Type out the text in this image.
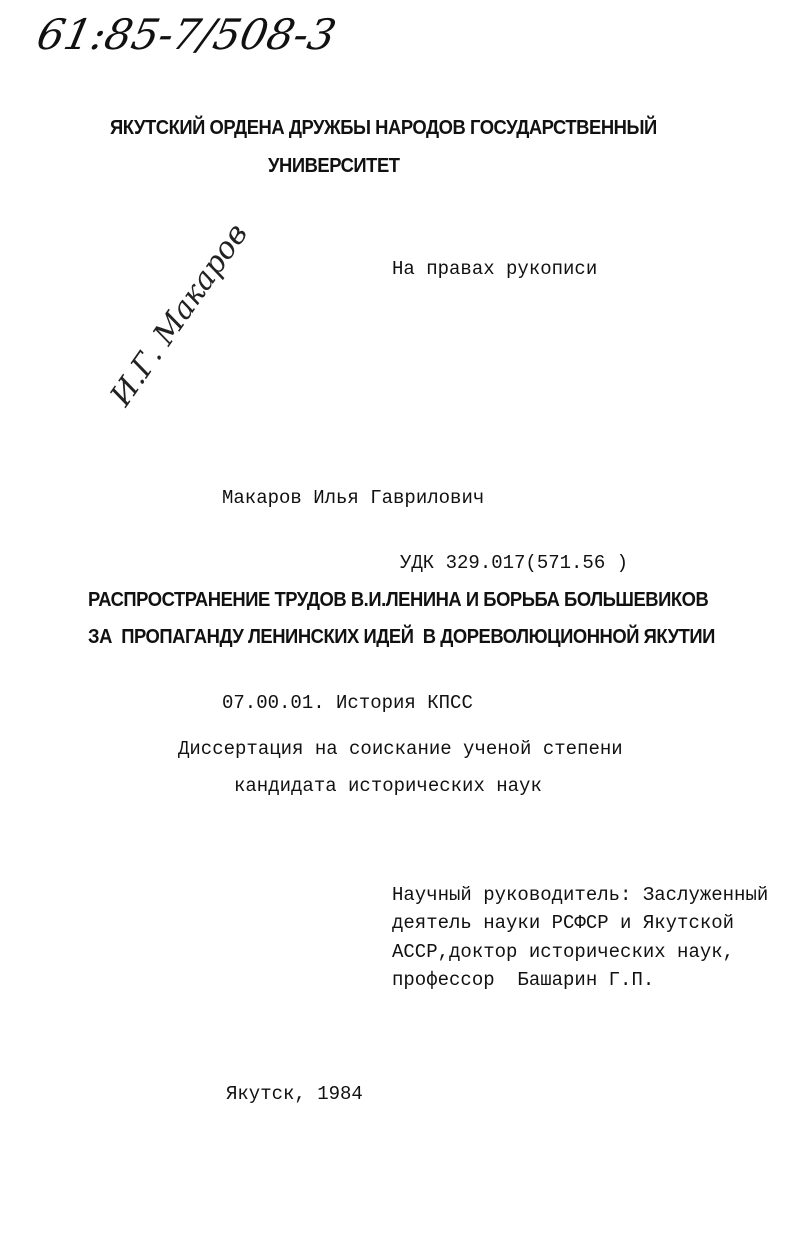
61:85-7/508-3
ЯКУТСКИЙ ОРДЕНА ДРУЖБЫ НАРОДОВ ГОСУДАРСТВЕННЫЙ
УНИВЕРСИТЕТ
На правах рукописи
И.Г. Макаров
Макаров Илья Гаврилович
УДК 329.017(571.56 )
РАСПРОСТРАНЕНИЕ ТРУДОВ В.И.ЛЕНИНА И БОРЬБА БОЛЬШЕВИКОВ
ЗА  ПРОПАГАНДУ ЛЕНИНСКИХ ИДЕЙ  В ДОРЕВОЛЮЦИОННОЙ ЯКУТИИ
07.00.01. История КПСС
Диссертация на соискание ученой степени
кандидата исторических наук
Научный руководитель: Заслуженный
деятель науки РСФСР и Якутской
АССР,доктор исторических наук,
профессор  Башарин Г.П.
Якутск, 1984
